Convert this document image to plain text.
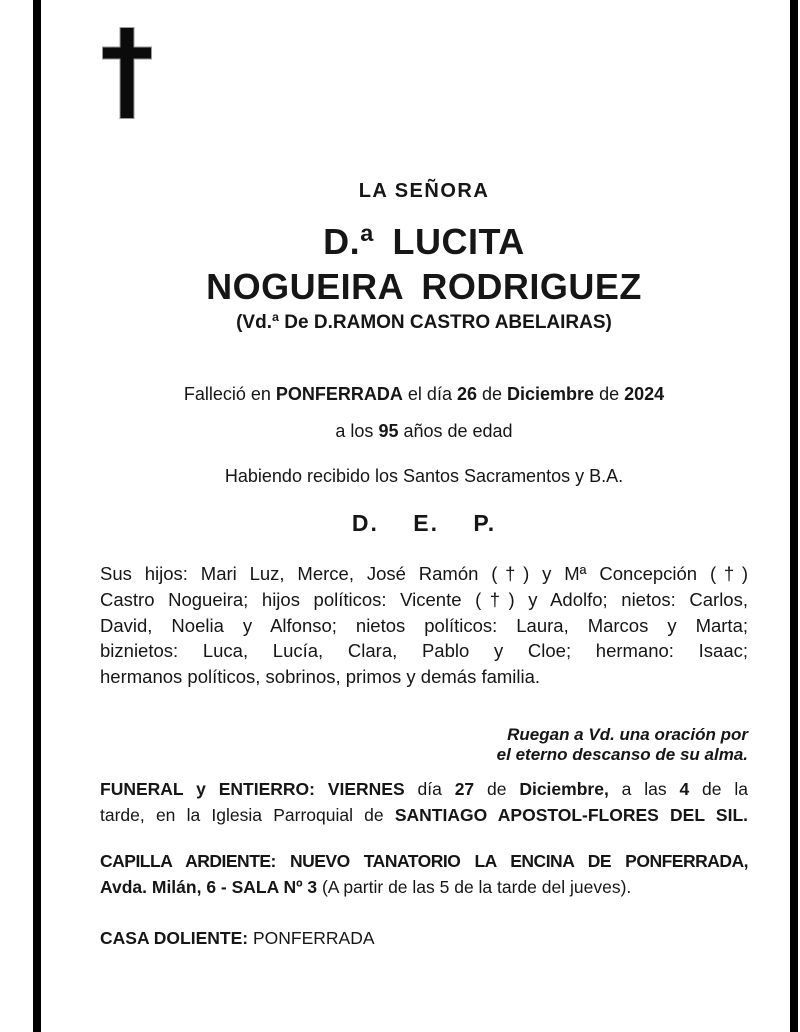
LA SEÑORA
D.ª LUCITA
NOGUEIRA RODRIGUEZ
(Vd.ª De D.RAMON CASTRO ABELAIRAS)
Falleció en PONFERRADA el día 26 de Diciembre de 2024
a los 95 años de edad
Habiendo recibido los Santos Sacramentos y B.A.
D. E. P.
Sus hijos: Mari Luz, Merce, José Ramón (†) y Mª Concepción (†)
Castro Nogueira; hijos políticos: Vicente (†) y Adolfo; nietos: Carlos,
David, Noelia y Alfonso; nietos políticos: Laura, Marcos y Marta;
biznietos: Luca, Lucía, Clara, Pablo y Cloe; hermano: Isaac;
hermanos políticos, sobrinos, primos y demás familia.
Ruegan a Vd. una oración por
el eterno descanso de su alma.
FUNERAL y ENTIERRO: VIERNES día 27 de Diciembre, a las 4 de la
tarde, en la Iglesia Parroquial de SANTIAGO APOSTOL-FLORES DEL SIL.
CAPILLA ARDIENTE: NUEVO TANATORIO LA ENCINA DE PONFERRADA,
Avda. Milán, 6 - SALA Nº 3 (A partir de las 5 de la tarde del jueves).
CASA DOLIENTE: PONFERRADA
